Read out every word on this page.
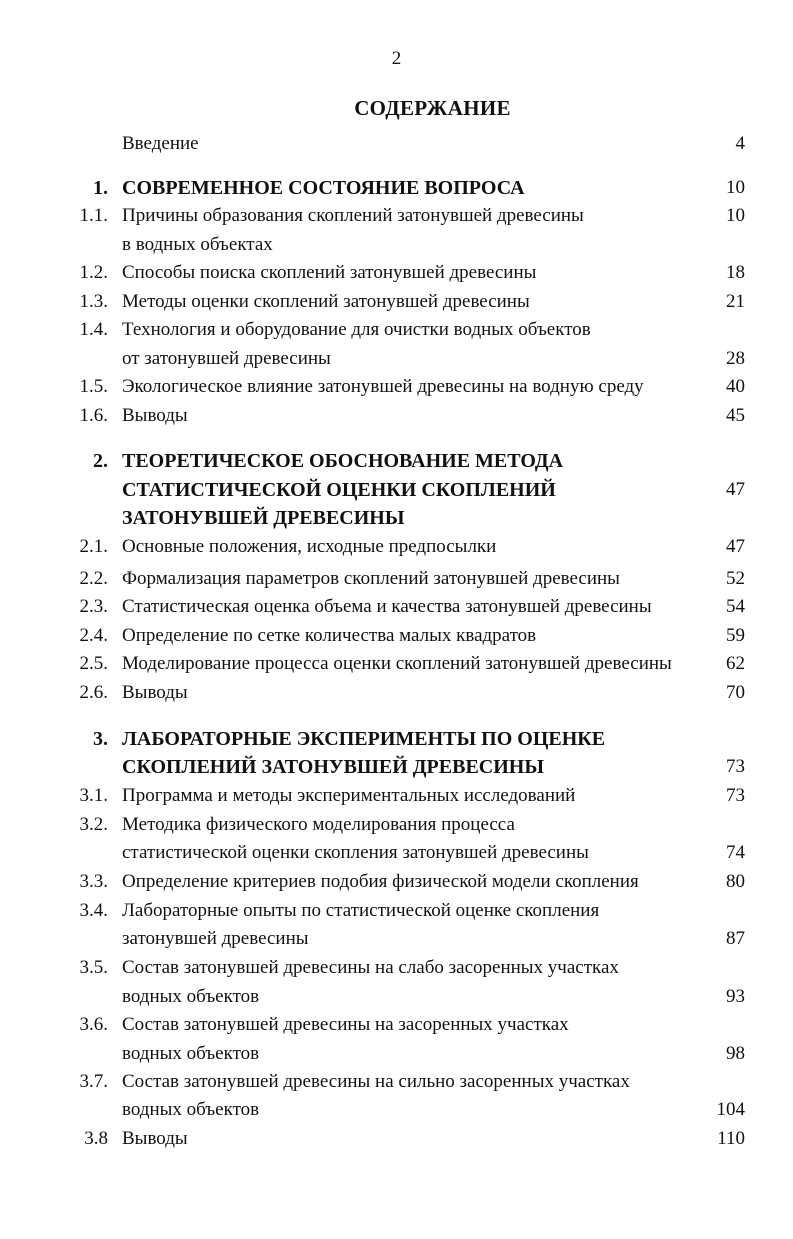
2
СОДЕРЖАНИЕ
Введение	4
1. СОВРЕМЕННОЕ СОСТОЯНИЕ ВОПРОСА	10
1.1. Причины образования скоплений затонувшей древесины	10
в водных объектах
1.2. Способы поиска скоплений затонувшей древесины	18
1.3. Методы оценки скоплений затонувшей древесины	21
1.4. Технология и оборудование для очистки водных объектов
от затонувшей древесины	28
1.5. Экологическое влияние затонувшей древесины на водную среду	40
1.6. Выводы	45
2. ТЕОРЕТИЧЕСКОЕ ОБОСНОВАНИЕ МЕТОДА
СТАТИСТИЧЕСКОЙ ОЦЕНКИ СКОПЛЕНИЙ	47
ЗАТОНУВШЕЙ ДРЕВЕСИНЫ
2.1. Основные положения, исходные предпосылки	47
2.2. Формализация параметров скоплений затонувшей древесины	52
2.3. Статистическая оценка объема и качества затонувшей древесины	54
2.4. Определение по сетке количества малых квадратов	59
2.5. Моделирование процесса оценки скоплений затонувшей древесины	62
2.6. Выводы	70
3. ЛАБОРАТОРНЫЕ ЭКСПЕРИМЕНТЫ ПО ОЦЕНКЕ
СКОПЛЕНИЙ ЗАТОНУВШЕЙ ДРЕВЕСИНЫ	73
3.1. Программа и методы экспериментальных исследований	73
3.2. Методика физического моделирования процесса
статистической оценки скопления затонувшей древесины	74
3.3. Определение критериев подобия физической модели скопления	80
3.4. Лабораторные опыты по статистической оценке скопления
затонувшей древесины	87
3.5. Состав затонувшей древесины на слабо засоренных участках
водных объектов	93
3.6. Состав затонувшей древесины на засоренных участках
водных объектов	98
3.7. Состав затонувшей древесины на сильно засоренных участках
водных объектов	104
3.8 Выводы	110
